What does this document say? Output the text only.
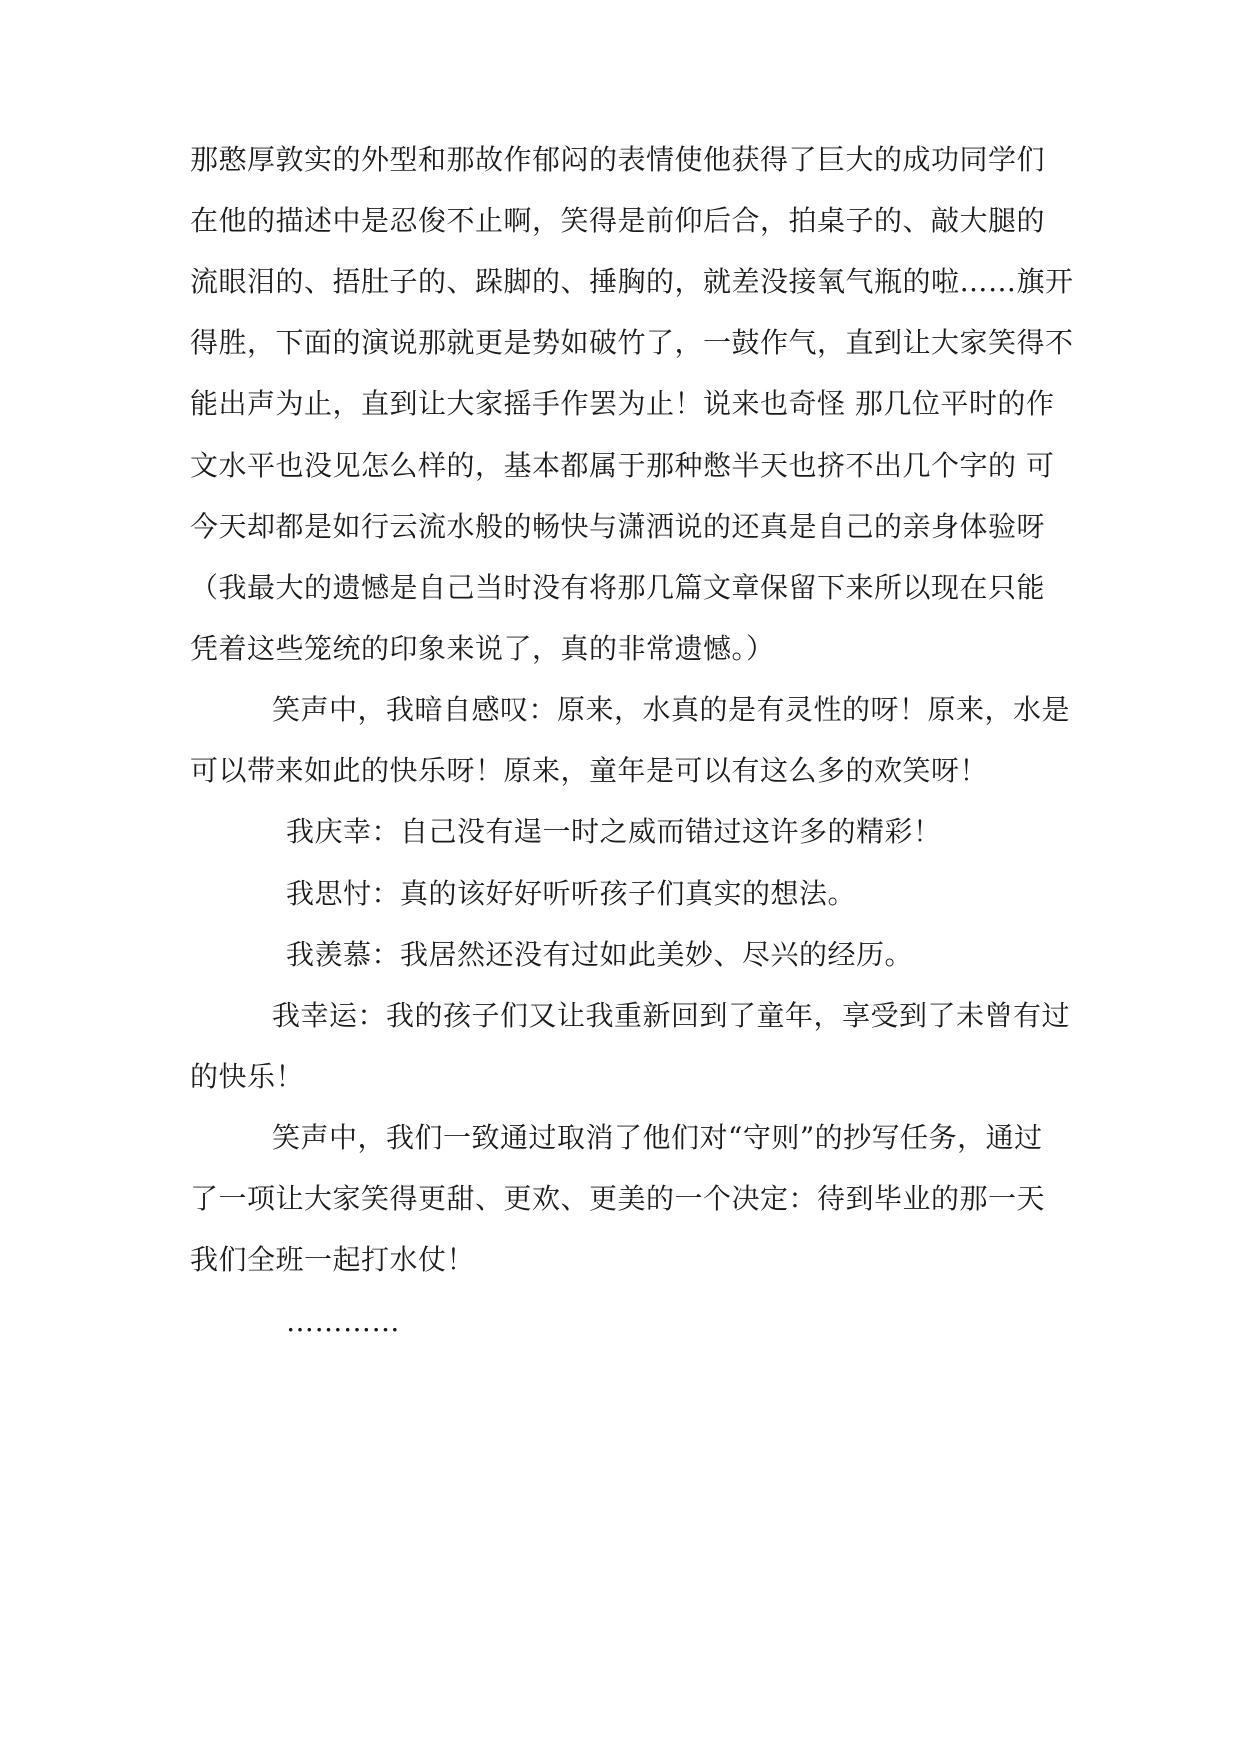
那憨厚敦实的外型和那故作郁闷的表情使他获得了巨大的成功同学们
在他的描述中是忍俊不止啊，笑得是前仰后合，拍桌子的、敲大腿的
流眼泪的、捂肚子的、跺脚的、捶胸的，就差没接氧气瓶的啦……旗开
得胜，下面的演说那就更是势如破竹了，一鼓作气，直到让大家笑得不
能出声为止，直到让大家摇手作罢为止！说来也奇怪 那几位平时的作
文水平也没见怎么样的，基本都属于那种憋半天也挤不出几个字的 可
今天却都是如行云流水般的畅快与潇洒说的还真是自己的亲身体验呀
（我最大的遗憾是自己当时没有将那几篇文章保留下来所以现在只能
凭着这些笼统的印象来说了，真的非常遗憾。）
笑声中，我暗自感叹：原来，水真的是有灵性的呀！原来，水是
可以带来如此的快乐呀！原来，童年是可以有这么多的欢笑呀！
我庆幸：自己没有逞一时之威而错过这许多的精彩！
我思忖：真的该好好听听孩子们真实的想法。
我羡慕：我居然还没有过如此美妙、尽兴的经历。
我幸运：我的孩子们又让我重新回到了童年，享受到了未曾有过
的快乐！
笑声中，我们一致通过取消了他们对“守则”的抄写任务，通过
了一项让大家笑得更甜、更欢、更美的一个决定：待到毕业的那一天
我们全班一起打水仗！
…………
